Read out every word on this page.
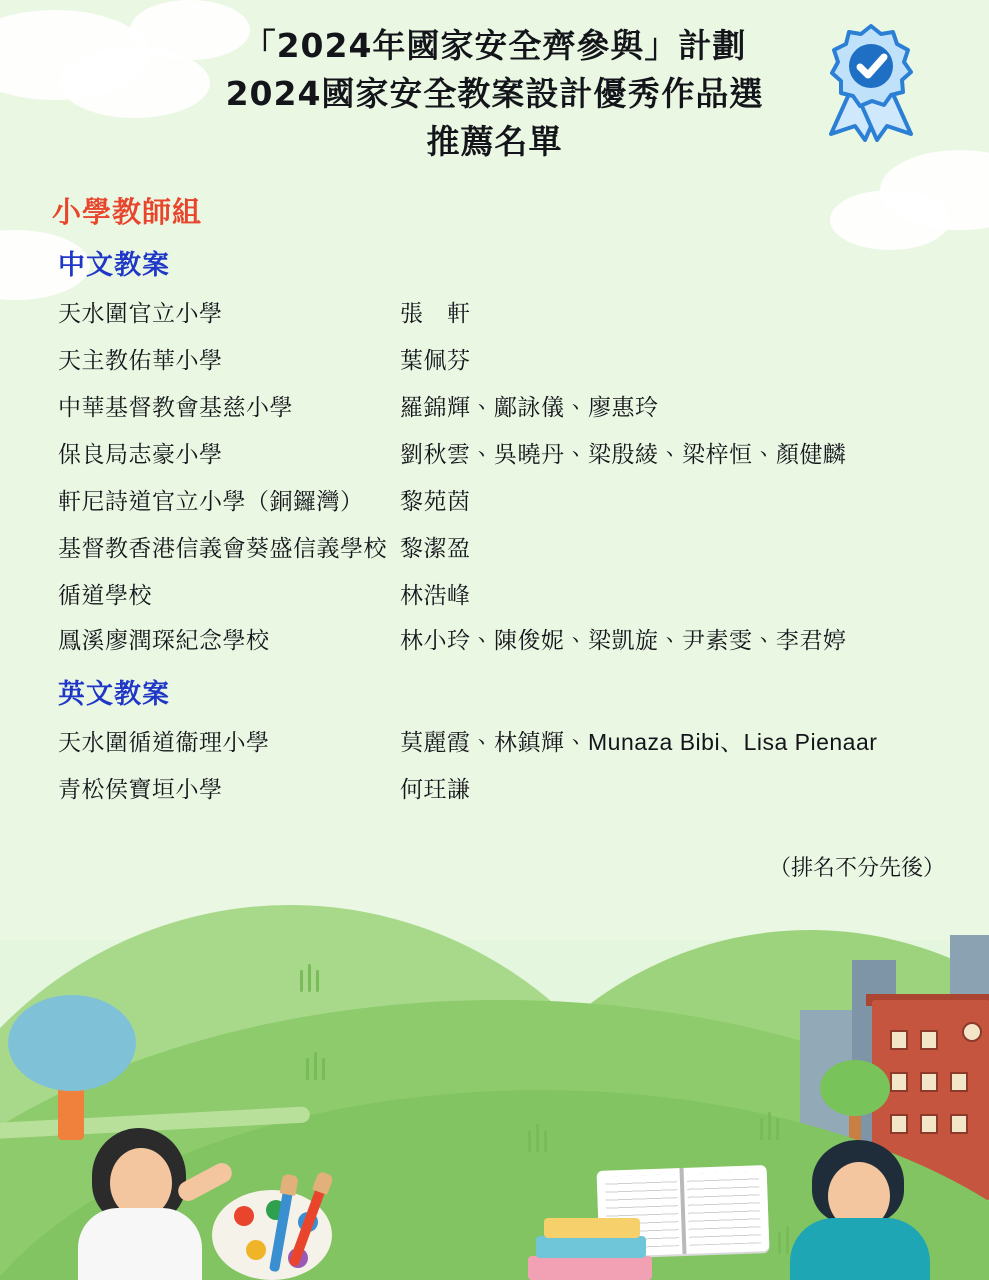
「2024年國家安全齊參與」計劃
2024國家安全教案設計優秀作品選
推薦名單
小學教師組
中文教案
天水圍官立小學	張　軒
天主教佑華小學	葉佩芬
中華基督教會基慈小學	羅錦輝、鄺詠儀、廖惠玲
保良局志豪小學	劉秋雲、吳曉丹、梁殷綾、梁梓恒、顏健麟
軒尼詩道官立小學（銅鑼灣）	黎苑茵
基督教香港信義會葵盛信義學校 黎潔盈
循道學校	林浩峰
鳳溪廖潤琛紀念學校	林小玲、陳俊妮、梁凱旋、尹素雯、李君婷
英文教案
天水圍循道衞理小學	莫麗霞、林鎮輝、Munaza Bibi、Lisa Pienaar
青松侯寶垣小學	何玨謙
（排名不分先後）
